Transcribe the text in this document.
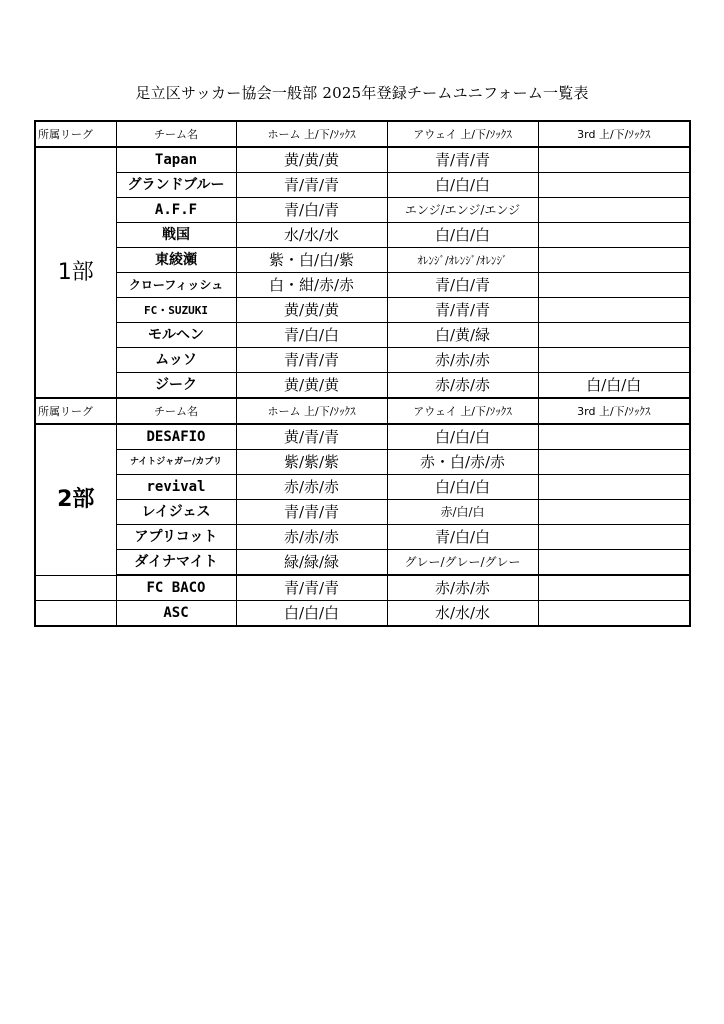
足立区サッカー協会一般部 2025年登録チームユニフォーム一覧表
所属リーグ	チーム名	ホーム 上/下/ｿｯｸｽ	アウェイ 上/下/ｿｯｸｽ	3rd 上/下/ｿｯｸｽ
1部	Tapan	黄/黄/黄	青/青/青	
	グランドブルー	青/青/青	白/白/白	
	A.F.F	青/白/青	エンジ/エンジ/エンジ	
	戦国	水/水/水	白/白/白	
	東綾瀬	紫・白/白/紫	ｵﾚﾝｼﾞ/ｵﾚﾝｼﾞ/ｵﾚﾝｼﾞ	
	クローフィッシュ	白・紺/赤/赤	青/白/青	
	FC・SUZUKI	黄/黄/黄	青/青/青	
	モルヘン	青/白/白	白/黄/緑	
	ムッソ	青/青/青	赤/赤/赤	
	ジーク	黄/黄/黄	赤/赤/赤	白/白/白
所属リーグ	チーム名	ホーム 上/下/ｿｯｸｽ	アウェイ 上/下/ｿｯｸｽ	3rd 上/下/ｿｯｸｽ
2部	DESAFIO	黄/青/青	白/白/白	
	ナイトジャガー/カブリ	紫/紫/紫	赤・白/赤/赤	
	revival	赤/赤/赤	白/白/白	
	レイジェス	青/青/青	赤/白/白	
	アプリコット	赤/赤/赤	青/白/白	
	ダイナマイト	緑/緑/緑	グレー/グレー/グレー	
	FC BACO	青/青/青	赤/赤/赤	
	ASC	白/白/白	水/水/水	
